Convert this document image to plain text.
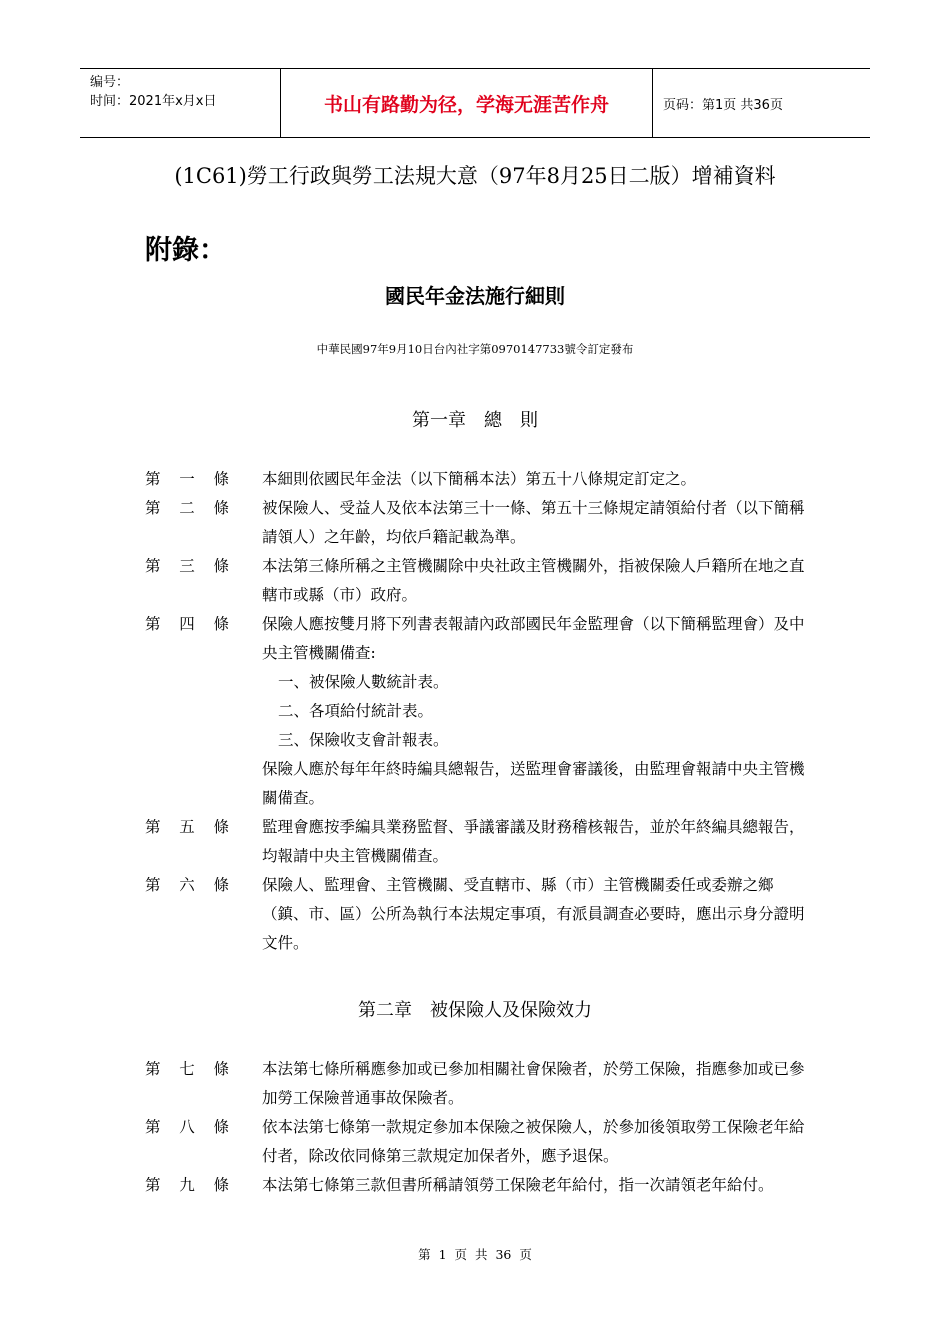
编号：
时间：2021年x月x日	书山有路勤为径，学海无涯苦作舟	页码：第1页 共36页
(1C61)勞工行政與勞工法規大意（97年8月25日二版）增補資料
附錄：
國民年金法施行細則
中華民國97年9月10日台內社字第0970147733號令訂定發布
第一章　總　則
第 一 條 本細則依國民年金法（以下簡稱本法）第五十八條規定訂定之。

第 二 條 被保險人、受益人及依本法第三十一條、第五十三條規定請領給付者（以下簡稱請領人）之年齡，均依戶籍記載為準。

第 三 條 本法第三條所稱之主管機關除中央社政主管機關外，指被保險人戶籍所在地之直轄市或縣（市）政府。

第 四 條 保險人應按雙月將下列書表報請內政部國民年金監理會（以下簡稱監理會）及中央主管機關備查:

一、被保險人數統計表。

二、各項給付統計表。

三、保險收支會計報表。

保險人應於每年年終時編具總報告，送監理會審議後，由監理會報請中央主管機關備查。

第 五 條 監理會應按季編具業務監督、爭議審議及財務稽核報告，並於年終編具總報告，均報請中央主管機關備查。

第 六 條 保險人、監理會、主管機關、受直轄市、縣（市）主管機關委任或委辦之鄉（鎮、市、區）公所為執行本法規定事項，有派員調查必要時，應出示身分證明文件。

第二章　被保險人及保險效力
第 七 條 本法第七條所稱應參加或已參加相關社會保險者，於勞工保險，指應參加或已參加勞工保險普通事故保險者。

第 八 條 依本法第七條第一款規定參加本保險之被保險人，於參加後領取勞工保險老年給付者，除改依同條第三款規定加保者外，應予退保。

第 九 條 本法第七條第三款但書所稱請領勞工保險老年給付，指一次請領老年給付。

第 1 页 共 36 页
